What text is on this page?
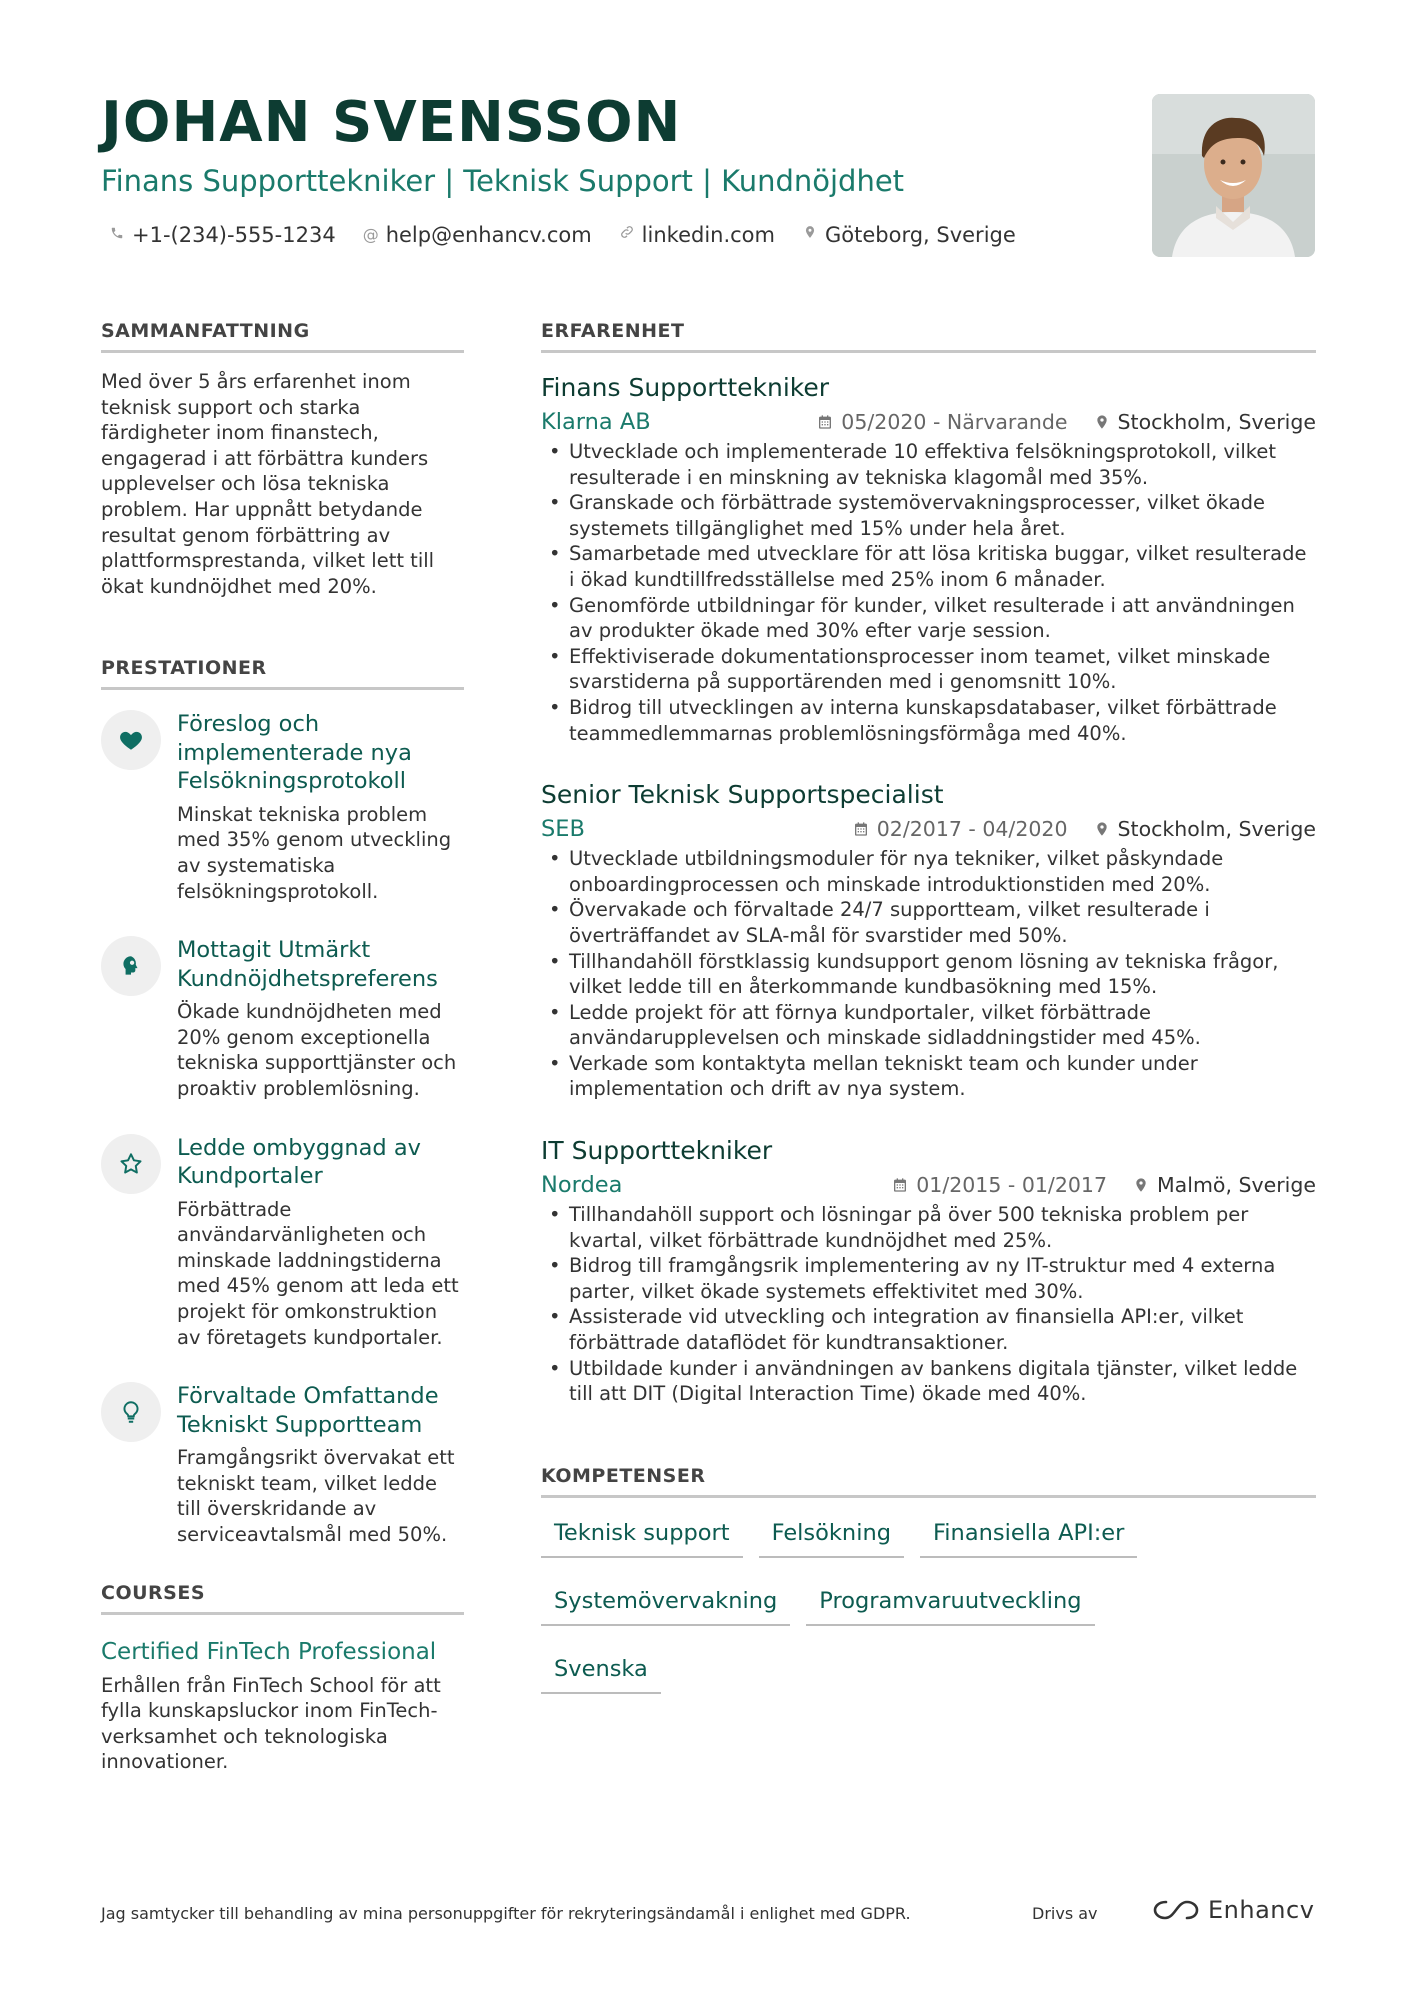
JOHAN SVENSSON
Finans Supporttekniker | Teknisk Support | Kundnöjdhet
+1-(234)-555-1234 @ help@enhancv.com linkedin.com Göteborg, Sverige
SAMMANFATTNING

Med över 5 års erfarenhet inom teknisk support och starka färdigheter inom finanstech, engagerad i att förbättra kunders upplevelser och lösa tekniska problem. Har uppnått betydande resultat genom förbättring av plattformsprestanda, vilket lett till ökat kundnöjdhet med 20%.

PRESTATIONER
Föreslog och implementerade nya Felsökningsprotokoll
Minskat tekniska problem med 35% genom utveckling av systematiska felsökningsprotokoll.
Mottagit Utmärkt Kundnöjdhetspreferens
Ökade kundnöjdheten med 20% genom exceptionella tekniska supporttjänster och proaktiv problemlösning.
Ledde ombyggnad av Kundportaler
Förbättrade användarvänligheten och minskade laddningstiderna med 45% genom att leda ett projekt för omkonstruktion av företagets kundportaler.
Förvaltade Omfattande Tekniskt Supportteam
Framgångsrikt övervakat ett tekniskt team, vilket ledde till överskridande av serviceavtalsmål med 50%.
COURSES
Certified FinTech Professional
Erhållen från FinTech School för att fylla kunskapsluckor inom FinTech-verksamhet och teknologiska innovationer.
ERFARENHET
Finans Supporttekniker
Klarna AB	05/2020 - Närvarande Stockholm, Sverige
• Utvecklade och implementerade 10 effektiva felsökningsprotokoll, vilket resulterade i en minskning av tekniska klagomål med 35%.
• Granskade och förbättrade systemövervakningsprocesser, vilket ökade systemets tillgänglighet med 15% under hela året.
• Samarbetade med utvecklare för att lösa kritiska buggar, vilket resulterade i ökad kundtillfredsställelse med 25% inom 6 månader.
• Genomförde utbildningar för kunder, vilket resulterade i att användningen av produkter ökade med 30% efter varje session.
• Effektiviserade dokumentationsprocesser inom teamet, vilket minskade svarstiderna på supportärenden med i genomsnitt 10%.
• Bidrog till utvecklingen av interna kunskapsdatabaser, vilket förbättrade teammedlemmarnas problemlösningsförmåga med 40%.
Senior Teknisk Supportspecialist
SEB	02/2017 - 04/2020 Stockholm, Sverige
• Utvecklade utbildningsmoduler för nya tekniker, vilket påskyndade onboardingprocessen och minskade introduktionstiden med 20%.
• Övervakade och förvaltade 24/7 supportteam, vilket resulterade i överträffandet av SLA-mål för svarstider med 50%.
• Tillhandahöll förstklassig kundsupport genom lösning av tekniska frågor, vilket ledde till en återkommande kundbasökning med 15%.
• Ledde projekt för att förnya kundportaler, vilket förbättrade användarupplevelsen och minskade sidladdningstider med 45%.
• Verkade som kontaktyta mellan tekniskt team och kunder under implementation och drift av nya system.
IT Supporttekniker
Nordea	01/2015 - 01/2017 Malmö, Sverige
• Tillhandahöll support och lösningar på över 500 tekniska problem per kvartal, vilket förbättrade kundnöjdhet med 25%.
• Bidrog till framgångsrik implementering av ny IT-struktur med 4 externa parter, vilket ökade systemets effektivitet med 30%.
• Assisterade vid utveckling och integration av finansiella API:er, vilket förbättrade dataflödet för kundtransaktioner.
• Utbildade kunder i användningen av bankens digitala tjänster, vilket ledde till att DIT (Digital Interaction Time) ökade med 40%.
KOMPETENSER
Teknisk support	Felsökning	Finansiella API:er
Systemövervakning	Programvaruutveckling
Svenska
Jag samtycker till behandling av mina personuppgifter för rekryteringsändamål i enlighet med GDPR.	Drivs av	Enhancv
